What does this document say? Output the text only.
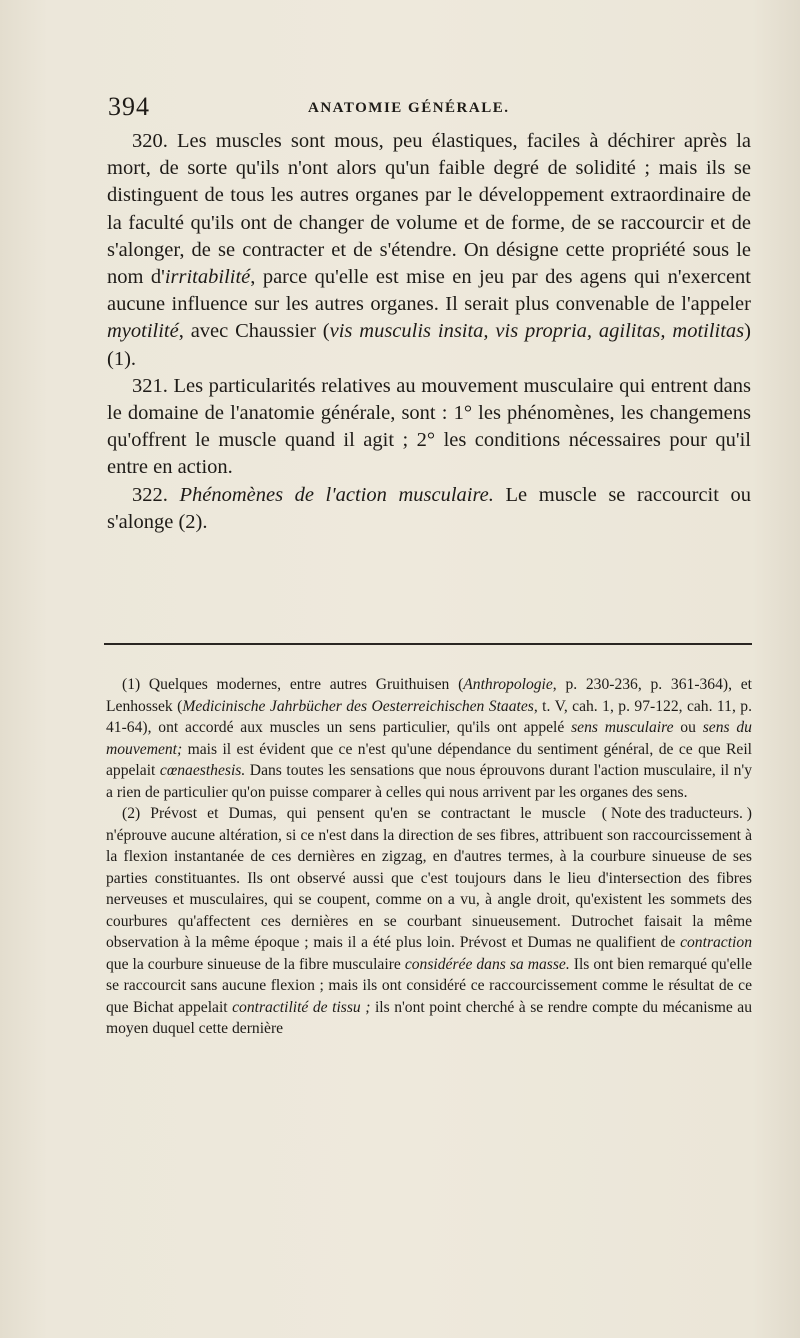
394	ANATOMIE GÉNÉRALE.

320. Les muscles sont mous, peu élastiques, faciles à déchirer après la mort, de sorte qu'ils n'ont alors qu'un faible degré de solidité ; mais ils se distinguent de tous les autres organes par le développement extraordinaire de la faculté qu'ils ont de changer de volume et de forme, de se raccourcir et de s'alonger, de se contracter et de s'étendre. On désigne cette propriété sous le nom d'irritabilité, parce qu'elle est mise en jeu par des agens qui n'exercent aucune influence sur les autres organes. Il serait plus convenable de l'appeler myotilité, avec Chaussier (vis musculis insita, vis propria, agilitas, motilitas) (1).

321. Les particularités relatives au mouvement musculaire qui entrent dans le domaine de l'anatomie générale, sont : 1° les phénomènes, les changemens qu'offrent le muscle quand il agit ; 2° les conditions nécessaires pour qu'il entre en action.

322. Phénomènes de l'action musculaire. Le muscle se raccourcit ou s'alonge (2).

(1) Quelques modernes, entre autres Gruithuisen (Anthropologie, p. 230-236, p. 361-364), et Lenhossek (Medicinische Jahrbücher des Oesterreichischen Staates, t. V, cah. 1, p. 97-122, cah. 11, p. 41-64), ont accordé aux muscles un sens particulier, qu'ils ont appelé sens musculaire ou sens du mouvement; mais il est évident que ce n'est qu'une dépendance du sentiment général, de ce que Reil appelait cœnaesthesis. Dans toutes les sensations que nous éprouvons durant l'action musculaire, il n'y a rien de particulier qu'on puisse comparer à celles qui nous arrivent par les organes des sens.
( Note des traducteurs. )

(2) Prévost et Dumas, qui pensent qu'en se contractant le muscle n'éprouve aucune altération, si ce n'est dans la direction de ses fibres, attribuent son raccourcissement à la flexion instantanée de ces dernières en zigzag, en d'autres termes, à la courbure sinueuse de ses parties constituantes. Ils ont observé aussi que c'est toujours dans le lieu d'intersection des fibres nerveuses et musculaires, qui se coupent, comme on a vu, à angle droit, qu'existent les sommets des courbures qu'affectent ces dernières en se courbant sinueusement. Dutrochet faisait la même observation à la même époque ; mais il a été plus loin. Prévost et Dumas ne qualifient de contraction que la courbure sinueuse de la fibre musculaire considérée dans sa masse. Ils ont bien remarqué qu'elle se raccourcit sans aucune flexion ; mais ils ont considéré ce raccourcissement comme le résultat de ce que Bichat appelait contractilité de tissu ; ils n'ont point cherché à se rendre compte du mécanisme au moyen duquel cette dernière
